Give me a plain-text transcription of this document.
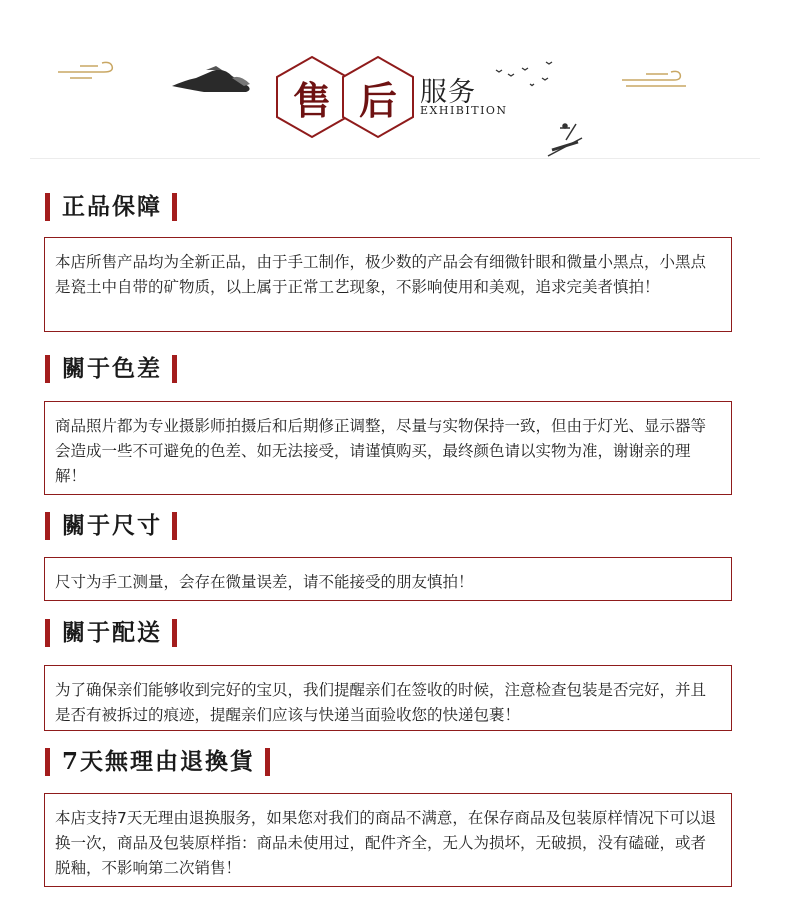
售 后 服务
EXHIBITION
正品保障
本店所售产品均为全新正品，由于手工制作，极少数的产品会有细微针眼和微量小黑点，小黑点是瓷土中自带的矿物质，以上属于正常工艺现象，不影响使用和美观，追求完美者慎拍！
關于色差
商品照片都为专业摄影师拍摄后和后期修正调整，尽量与实物保持一致，但由于灯光、显示器等会造成一些不可避免的色差、如无法接受，请谨慎购买，最终颜色请以实物为准，谢谢亲的理解！
關于尺寸
尺寸为手工测量，会存在微量误差，请不能接受的朋友慎拍！
關于配送
为了确保亲们能够收到完好的宝贝，我们提醒亲们在签收的时候，注意检查包装是否完好，并且是否有被拆过的痕迹，提醒亲们应该与快递当面验收您的快递包裹！
7天無理由退換貨
本店支持7天无理由退换服务，如果您对我们的商品不满意，在保存商品及包装原样情况下可以退换一次，商品及包装原样指：商品未使用过，配件齐全，无人为损坏，无破损，没有磕碰，或者脱釉，不影响第二次销售！
